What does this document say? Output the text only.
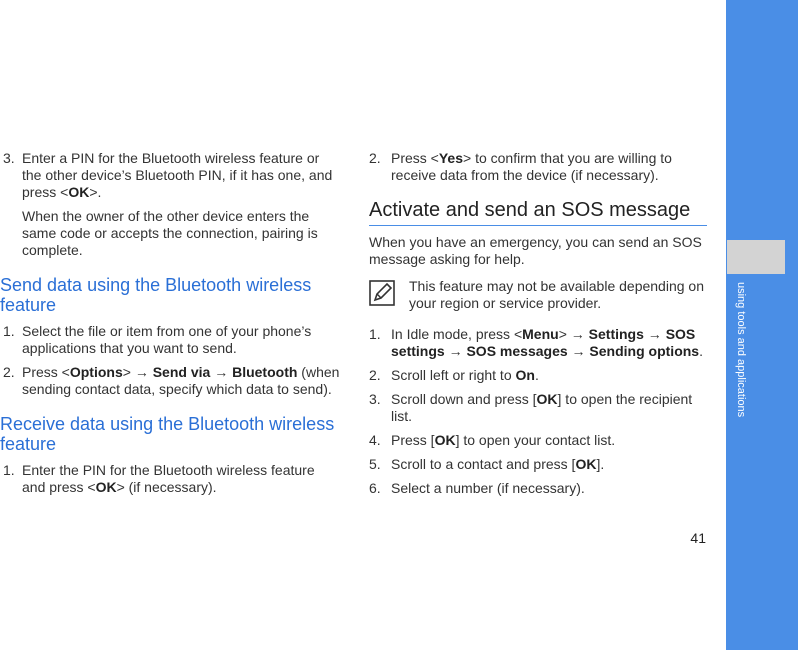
using tools and applications
41
3. Enter a PIN for the Bluetooth wireless feature or the other device’s Bluetooth PIN, if it has one, and press <OK>.
When the owner of the other device enters the same code or accepts the connection, pairing is complete.
Send data using the Bluetooth wireless feature
1. Select the file or item from one of your phone’s applications that you want to send.
2. Press <Options> → Send via → Bluetooth (when sending contact data, specify which data to send).
Receive data using the Bluetooth wireless feature
1. Enter the PIN for the Bluetooth wireless feature and press <OK> (if necessary).
2. Press <Yes> to confirm that you are willing to receive data from the device (if necessary).
Activate and send an SOS message
When you have an emergency, you can send an SOS message asking for help.
This feature may not be available depending on your region or service provider.
1. In Idle mode, press <Menu> → Settings → SOS settings → SOS messages → Sending options.
2. Scroll left or right to On.
3. Scroll down and press [OK] to open the recipient list.
4. Press [OK] to open your contact list.
5. Scroll to a contact and press [OK].
6. Select a number (if necessary).
